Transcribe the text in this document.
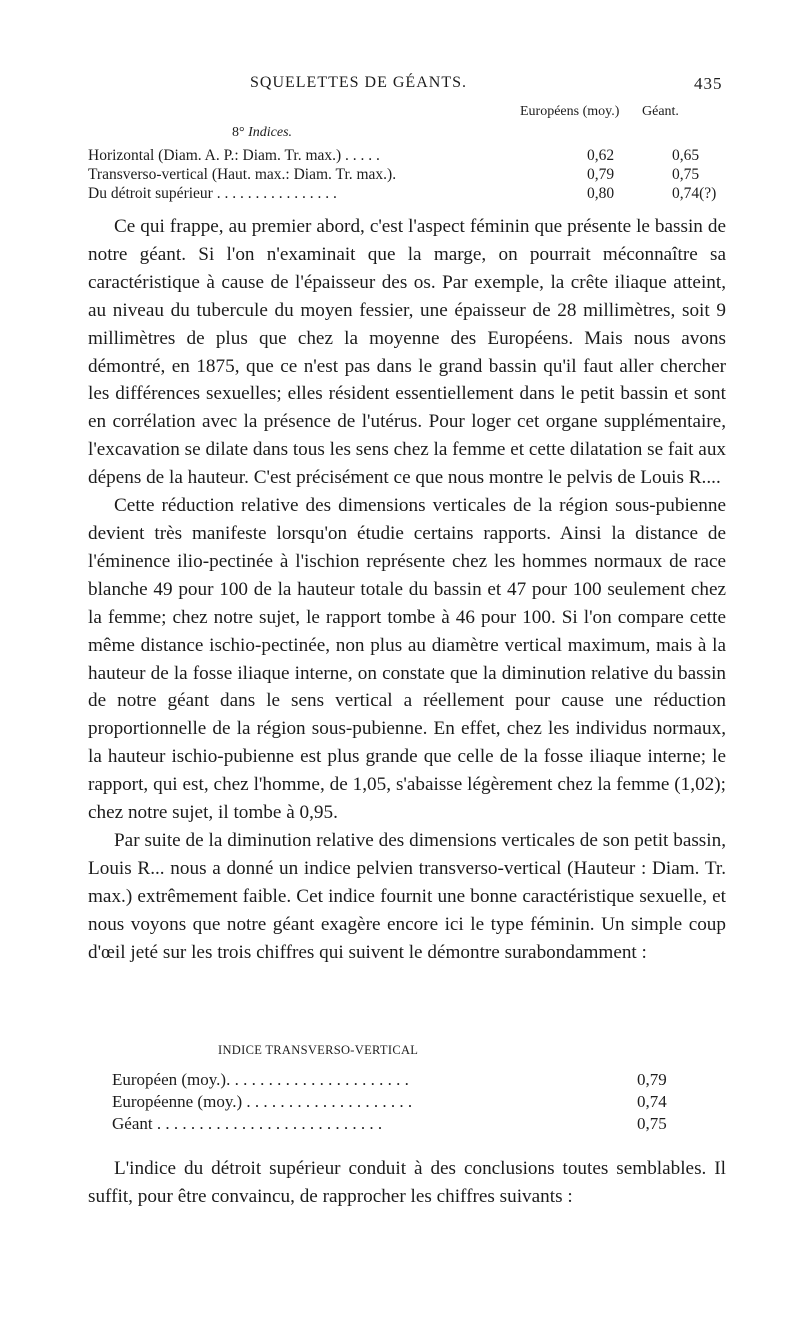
SQUELETTES DE GÉANTS.	435
Européens (moy.) Géant.
8° Indices.
Horizontal (Diam. A. P.: Diam. Tr. max.) . . . . .	0,62	0,65
Transverso-vertical (Haut. max.: Diam. Tr. max.).	0,79	0,75
Du détroit supérieur . . . . . . . . . . . . . . . .	0,80	0,74(?)

Ce qui frappe, au premier abord, c'est l'aspect féminin que présente le bassin de notre géant. Si l'on n'examinait que la marge, on pourrait méconnaître sa caractéristique à cause de l'épaisseur des os. Par exemple, la crête iliaque atteint, au niveau du tubercule du moyen fessier, une épaisseur de 28 millimètres, soit 9 millimètres de plus que chez la moyenne des Européens. Mais nous avons démontré, en 1875, que ce n'est pas dans le grand bassin qu'il faut aller chercher les différences sexuelles; elles résident essentiellement dans le petit bassin et sont en corrélation avec la présence de l'utérus. Pour loger cet organe supplémentaire, l'excavation se dilate dans tous les sens chez la femme et cette dilatation se fait aux dépens de la hauteur. C'est précisément ce que nous montre le pelvis de Louis R....

Cette réduction relative des dimensions verticales de la région sous-pubienne devient très manifeste lorsqu'on étudie certains rapports. Ainsi la distance de l'éminence ilio-pectinée à l'ischion représente chez les hommes normaux de race blanche 49 pour 100 de la hauteur totale du bassin et 47 pour 100 seulement chez la femme; chez notre sujet, le rapport tombe à 46 pour 100. Si l'on compare cette même distance ischio-pectinée, non plus au diamètre vertical maximum, mais à la hauteur de la fosse iliaque interne, on constate que la diminution relative du bassin de notre géant dans le sens vertical a réellement pour cause une réduction proportionnelle de la région sous-pubienne. En effet, chez les individus normaux, la hauteur ischio-pubienne est plus grande que celle de la fosse iliaque interne; le rapport, qui est, chez l'homme, de 1,05, s'abaisse légèrement chez la femme (1,02); chez notre sujet, il tombe à 0,95.

Par suite de la diminution relative des dimensions verticales de son petit bassin, Louis R... nous a donné un indice pelvien transverso-vertical (Hauteur : Diam. Tr. max.) extrêmement faible. Cet indice fournit une bonne caractéristique sexuelle, et nous voyons que notre géant exagère encore ici le type féminin. Un simple coup d'œil jeté sur les trois chiffres qui suivent le démontre surabondamment :

INDICE TRANSVERSO-VERTICAL
Européen (moy.). . . . . . . . . . . . . . . . . . . . . .	0,79
Européenne (moy.) . . . . . . . . . . . . . . . . . . . .	0,74
Géant . . . . . . . . . . . . . . . . . . . . . . . . . . .	0,75

L'indice du détroit supérieur conduit à des conclusions toutes semblables. Il suffit, pour être convaincu, de rapprocher les chiffres suivants :
